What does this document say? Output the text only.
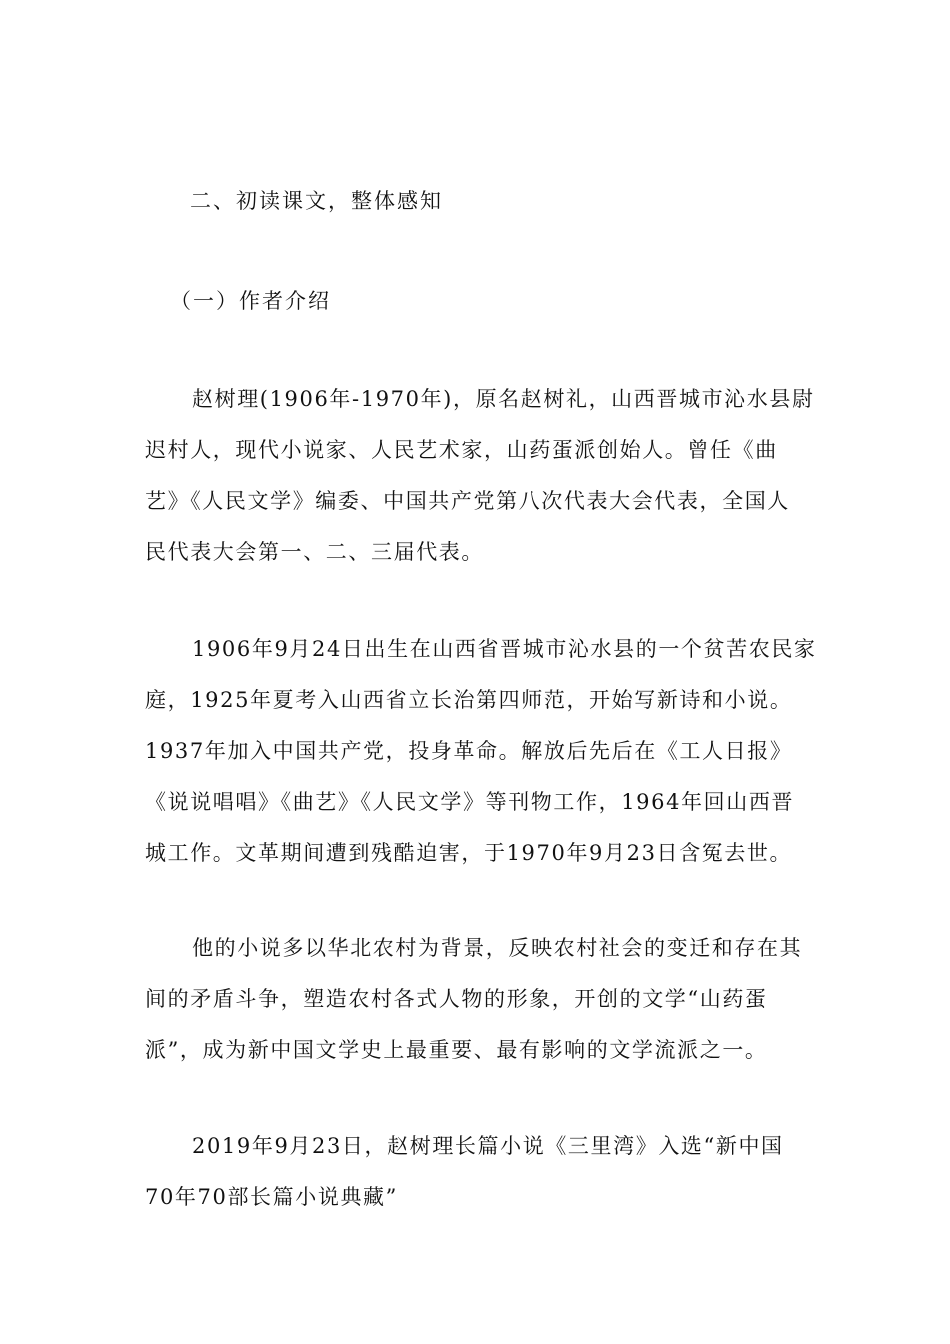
二、初读课文，整体感知
（一）作者介绍
赵树理(1906年-1970年)，原名赵树礼，山西晋城市沁水县尉
迟村人，现代小说家、人民艺术家，山药蛋派创始人。曾任《曲
艺》《人民文学》编委、中国共产党第八次代表大会代表，全国人
民代表大会第一、二、三届代表。
1906年9月24日出生在山西省晋城市沁水县的一个贫苦农民家
庭，1925年夏考入山西省立长治第四师范，开始写新诗和小说。
1937年加入中国共产党，投身革命。解放后先后在《工人日报》
《说说唱唱》《曲艺》《人民文学》等刊物工作，1964年回山西晋
城工作。文革期间遭到残酷迫害，于1970年9月23日含冤去世。
他的小说多以华北农村为背景，反映农村社会的变迁和存在其
间的矛盾斗争，塑造农村各式人物的形象，开创的文学“山药蛋
派”，成为新中国文学史上最重要、最有影响的文学流派之一。
2019年9月23日，赵树理长篇小说《三里湾》入选“新中国
70年70部长篇小说典藏”
